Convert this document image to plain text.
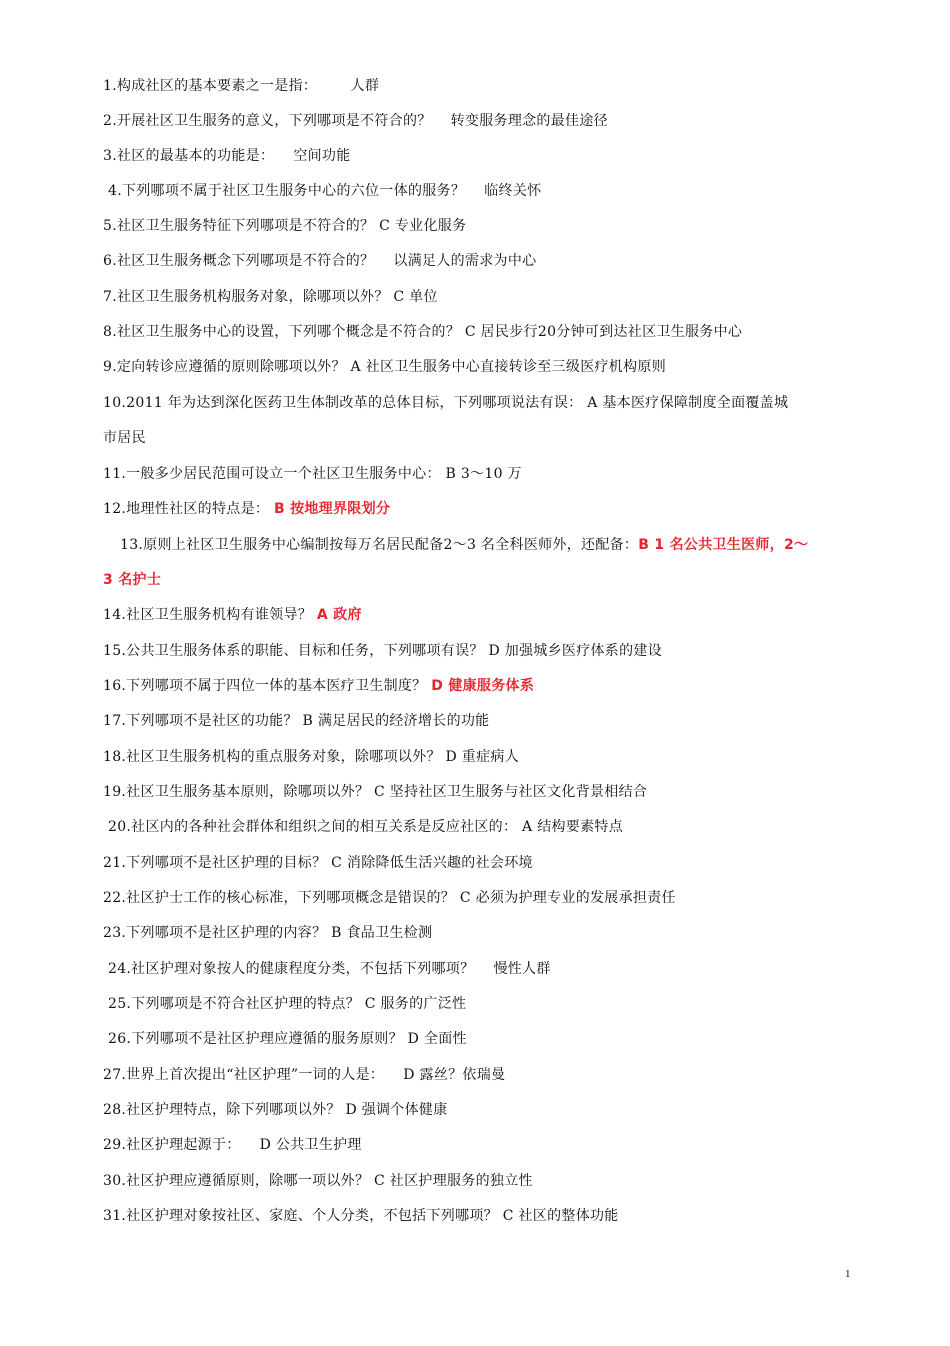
1.构成社区的基本要素之一是指： 　　人群
2.开展社区卫生服务的意义，下列哪项是不符合的？ 　转变服务理念的最佳途径
3.社区的最基本的功能是： 　空间功能
4.下列哪项不属于社区卫生服务中心的六位一体的服务？ 　临终关怀
5.社区卫生服务特征下列哪项是不符合的？ C 专业化服务
6.社区卫生服务概念下列哪项是不符合的？ 　以满足人的需求为中心
7.社区卫生服务机构服务对象，除哪项以外？ C 单位
8.社区卫生服务中心的设置，下列哪个概念是不符合的？ C 居民步行20分钟可到达社区卫生服务中心
9.定向转诊应遵循的原则除哪项以外？ A 社区卫生服务中心直接转诊至三级医疗机构原则
10.2011 年为达到深化医药卫生体制改革的总体目标，下列哪项说法有误： A 基本医疗保障制度全面覆盖城
市居民
11.一般多少居民范围可设立一个社区卫生服务中心： B 3～10 万
12.地理性社区的特点是： B 按地理界限划分
13.原则上社区卫生服务中心编制按每万名居民配备2～3 名全科医师外，还配备：B 1 名公共卫生医师，2～
3 名护士
14.社区卫生服务机构有谁领导？ A 政府
15.公共卫生服务体系的职能、目标和任务，下列哪项有误？ D 加强城乡医疗体系的建设
16.下列哪项不属于四位一体的基本医疗卫生制度？ D 健康服务体系
17.下列哪项不是社区的功能？ B 满足居民的经济增长的功能
18.社区卫生服务机构的重点服务对象，除哪项以外？ D 重症病人
19.社区卫生服务基本原则，除哪项以外？ C 坚持社区卫生服务与社区文化背景相结合
20.社区内的各种社会群体和组织之间的相互关系是反应社区的： A 结构要素特点
21.下列哪项不是社区护理的目标？ C 消除降低生活兴趣的社会环境
22.社区护士工作的核心标准，下列哪项概念是错误的？ C 必须为护理专业的发展承担责任
23.下列哪项不是社区护理的内容？ B 食品卫生检测
24.社区护理对象按人的健康程度分类，不包括下列哪项？ 　慢性人群
25.下列哪项是不符合社区护理的特点？ C 服务的广泛性
26.下列哪项不是社区护理应遵循的服务原则？ D 全面性
27.世界上首次提出“社区护理”一词的人是： 　D 露丝？依瑞曼
28.社区护理特点，除下列哪项以外？ D 强调个体健康
29.社区护理起源于： 　D 公共卫生护理
30.社区护理应遵循原则，除哪一项以外？ C 社区护理服务的独立性
31.社区护理对象按社区、家庭、个人分类，不包括下列哪项？ C 社区的整体功能
1
